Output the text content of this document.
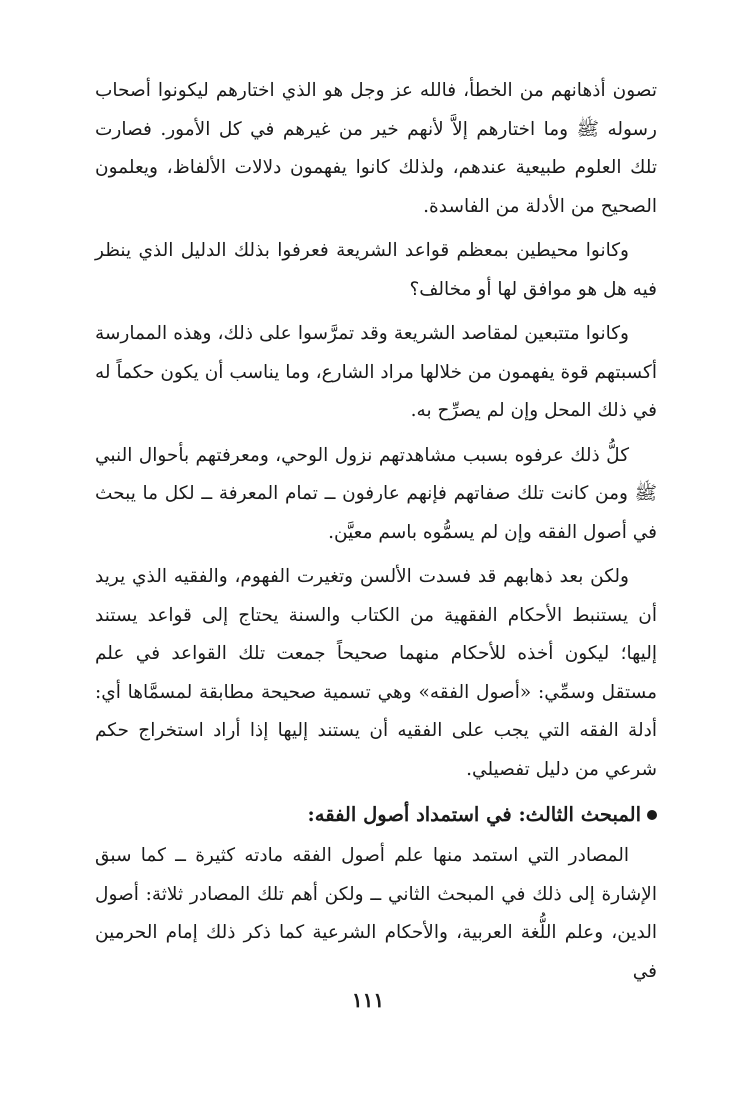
تصون أذهانهم من الخطأ، فالله عز وجل هو الذي اختارهم ليكونوا أصحاب رسوله ﷺ وما اختارهم إلاَّ لأنهم خير من غيرهم في كل الأمور. فصارت تلك العلوم طبيعية عندهم، ولذلك كانوا يفهمون دلالات الألفاظ، ويعلمون الصحيح من الأدلة من الفاسدة.

وكانوا محيطين بمعظم قواعد الشريعة فعرفوا بذلك الدليل الذي ينظر فيه هل هو موافق لها أو مخالف؟

وكانوا متتبعين لمقاصد الشريعة وقد تمرَّسوا على ذلك، وهذه الممارسة أكسبتهم قوة يفهمون من خلالها مراد الشارع، وما يناسب أن يكون حكماً له في ذلك المحل وإن لم يصرِّح به.

كلُّ ذلك عرفوه بسبب مشاهدتهم نزول الوحي، ومعرفتهم بأحوال النبي ﷺ ومن كانت تلك صفاتهم فإنهم عارفون ــ تمام المعرفة ــ لكل ما يبحث في أصول الفقه وإن لم يسمُّوه باسم معيَّن.

ولكن بعد ذهابهم قد فسدت الألسن وتغيرت الفهوم، والفقيه الذي يريد أن يستنبط الأحكام الفقهية من الكتاب والسنة يحتاج إلى قواعد يستند إليها؛ ليكون أخذه للأحكام منهما صحيحاً جمعت تلك القواعد في علم مستقل وسمِّي: «أصول الفقه» وهي تسمية صحيحة مطابقة لمسمَّاها أي: أدلة الفقه التي يجب على الفقيه أن يستند إليها إذا أراد استخراج حكم شرعي من دليل تفصيلي.

المبحث الثالث: في استمداد أصول الفقه:

المصادر التي استمد منها علم أصول الفقه مادته كثيرة ــ كما سبق الإشارة إلى ذلك في المبحث الثاني ــ ولكن أهم تلك المصادر ثلاثة: أصول الدين، وعلم اللُّغة العربية، والأحكام الشرعية كما ذكر ذلك إمام الحرمين في

١١١
